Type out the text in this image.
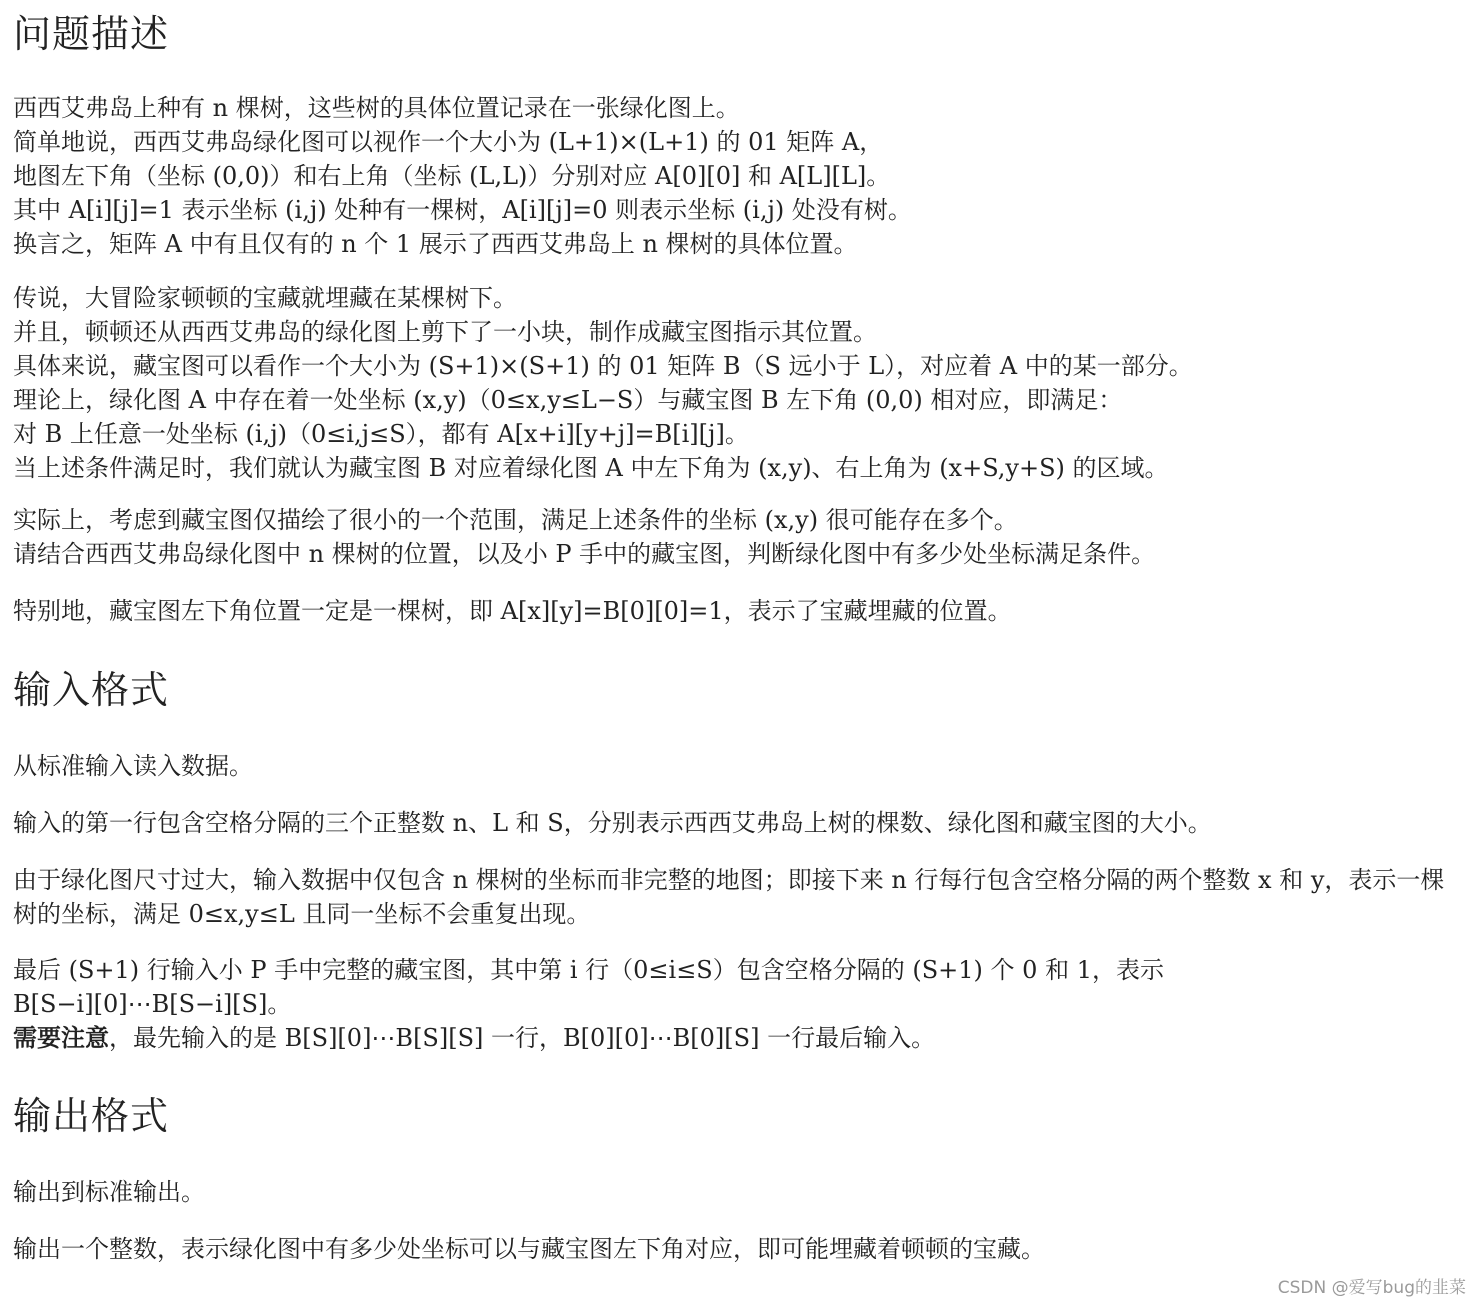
问题描述
西西艾弗岛上种有 n 棵树，这些树的具体位置记录在一张绿化图上。
简单地说，西西艾弗岛绿化图可以视作一个大小为 (L+1)×(L+1) 的 01 矩阵 A，
地图左下角（坐标 (0,0)）和右上角（坐标 (L,L)）分别对应 A[0][0] 和 A[L][L]。
其中 A[i][j]=1 表示坐标 (i,j) 处种有一棵树，A[i][j]=0 则表示坐标 (i,j) 处没有树。
换言之，矩阵 A 中有且仅有的 n 个 1 展示了西西艾弗岛上 n 棵树的具体位置。
传说，大冒险家顿顿的宝藏就埋藏在某棵树下。
并且，顿顿还从西西艾弗岛的绿化图上剪下了一小块，制作成藏宝图指示其位置。
具体来说，藏宝图可以看作一个大小为 (S+1)×(S+1) 的 01 矩阵 B（S 远小于 L），对应着 A 中的某一部分。
理论上，绿化图 A 中存在着一处坐标 (x,y)（0≤x,y≤L−S）与藏宝图 B 左下角 (0,0) 相对应，即满足：
对 B 上任意一处坐标 (i,j)（0≤i,j≤S），都有 A[x+i][y+j]=B[i][j]。
当上述条件满足时，我们就认为藏宝图 B 对应着绿化图 A 中左下角为 (x,y)、右上角为 (x+S,y+S) 的区域。
实际上，考虑到藏宝图仅描绘了很小的一个范围，满足上述条件的坐标 (x,y) 很可能存在多个。
请结合西西艾弗岛绿化图中 n 棵树的位置，以及小 P 手中的藏宝图，判断绿化图中有多少处坐标满足条件。
特别地，藏宝图左下角位置一定是一棵树，即 A[x][y]=B[0][0]=1，表示了宝藏埋藏的位置。
输入格式
从标准输入读入数据。
输入的第一行包含空格分隔的三个正整数 n、L 和 S，分别表示西西艾弗岛上树的棵数、绿化图和藏宝图的大小。
由于绿化图尺寸过大，输入数据中仅包含 n 棵树的坐标而非完整的地图；即接下来 n 行每行包含空格分隔的两个整数 x 和 y，表示一棵树的坐标，满足 0≤x,y≤L 且同一坐标不会重复出现。
最后 (S+1) 行输入小 P 手中完整的藏宝图，其中第 i 行（0≤i≤S）包含空格分隔的 (S+1) 个 0 和 1，表示
B[S−i][0]⋯B[S−i][S]。
需要注意，最先输入的是 B[S][0]⋯B[S][S] 一行，B[0][0]⋯B[0][S] 一行最后输入。
输出格式
输出到标准输出。
输出一个整数，表示绿化图中有多少处坐标可以与藏宝图左下角对应，即可能埋藏着顿顿的宝藏。
CSDN @爱写bug的韭菜
